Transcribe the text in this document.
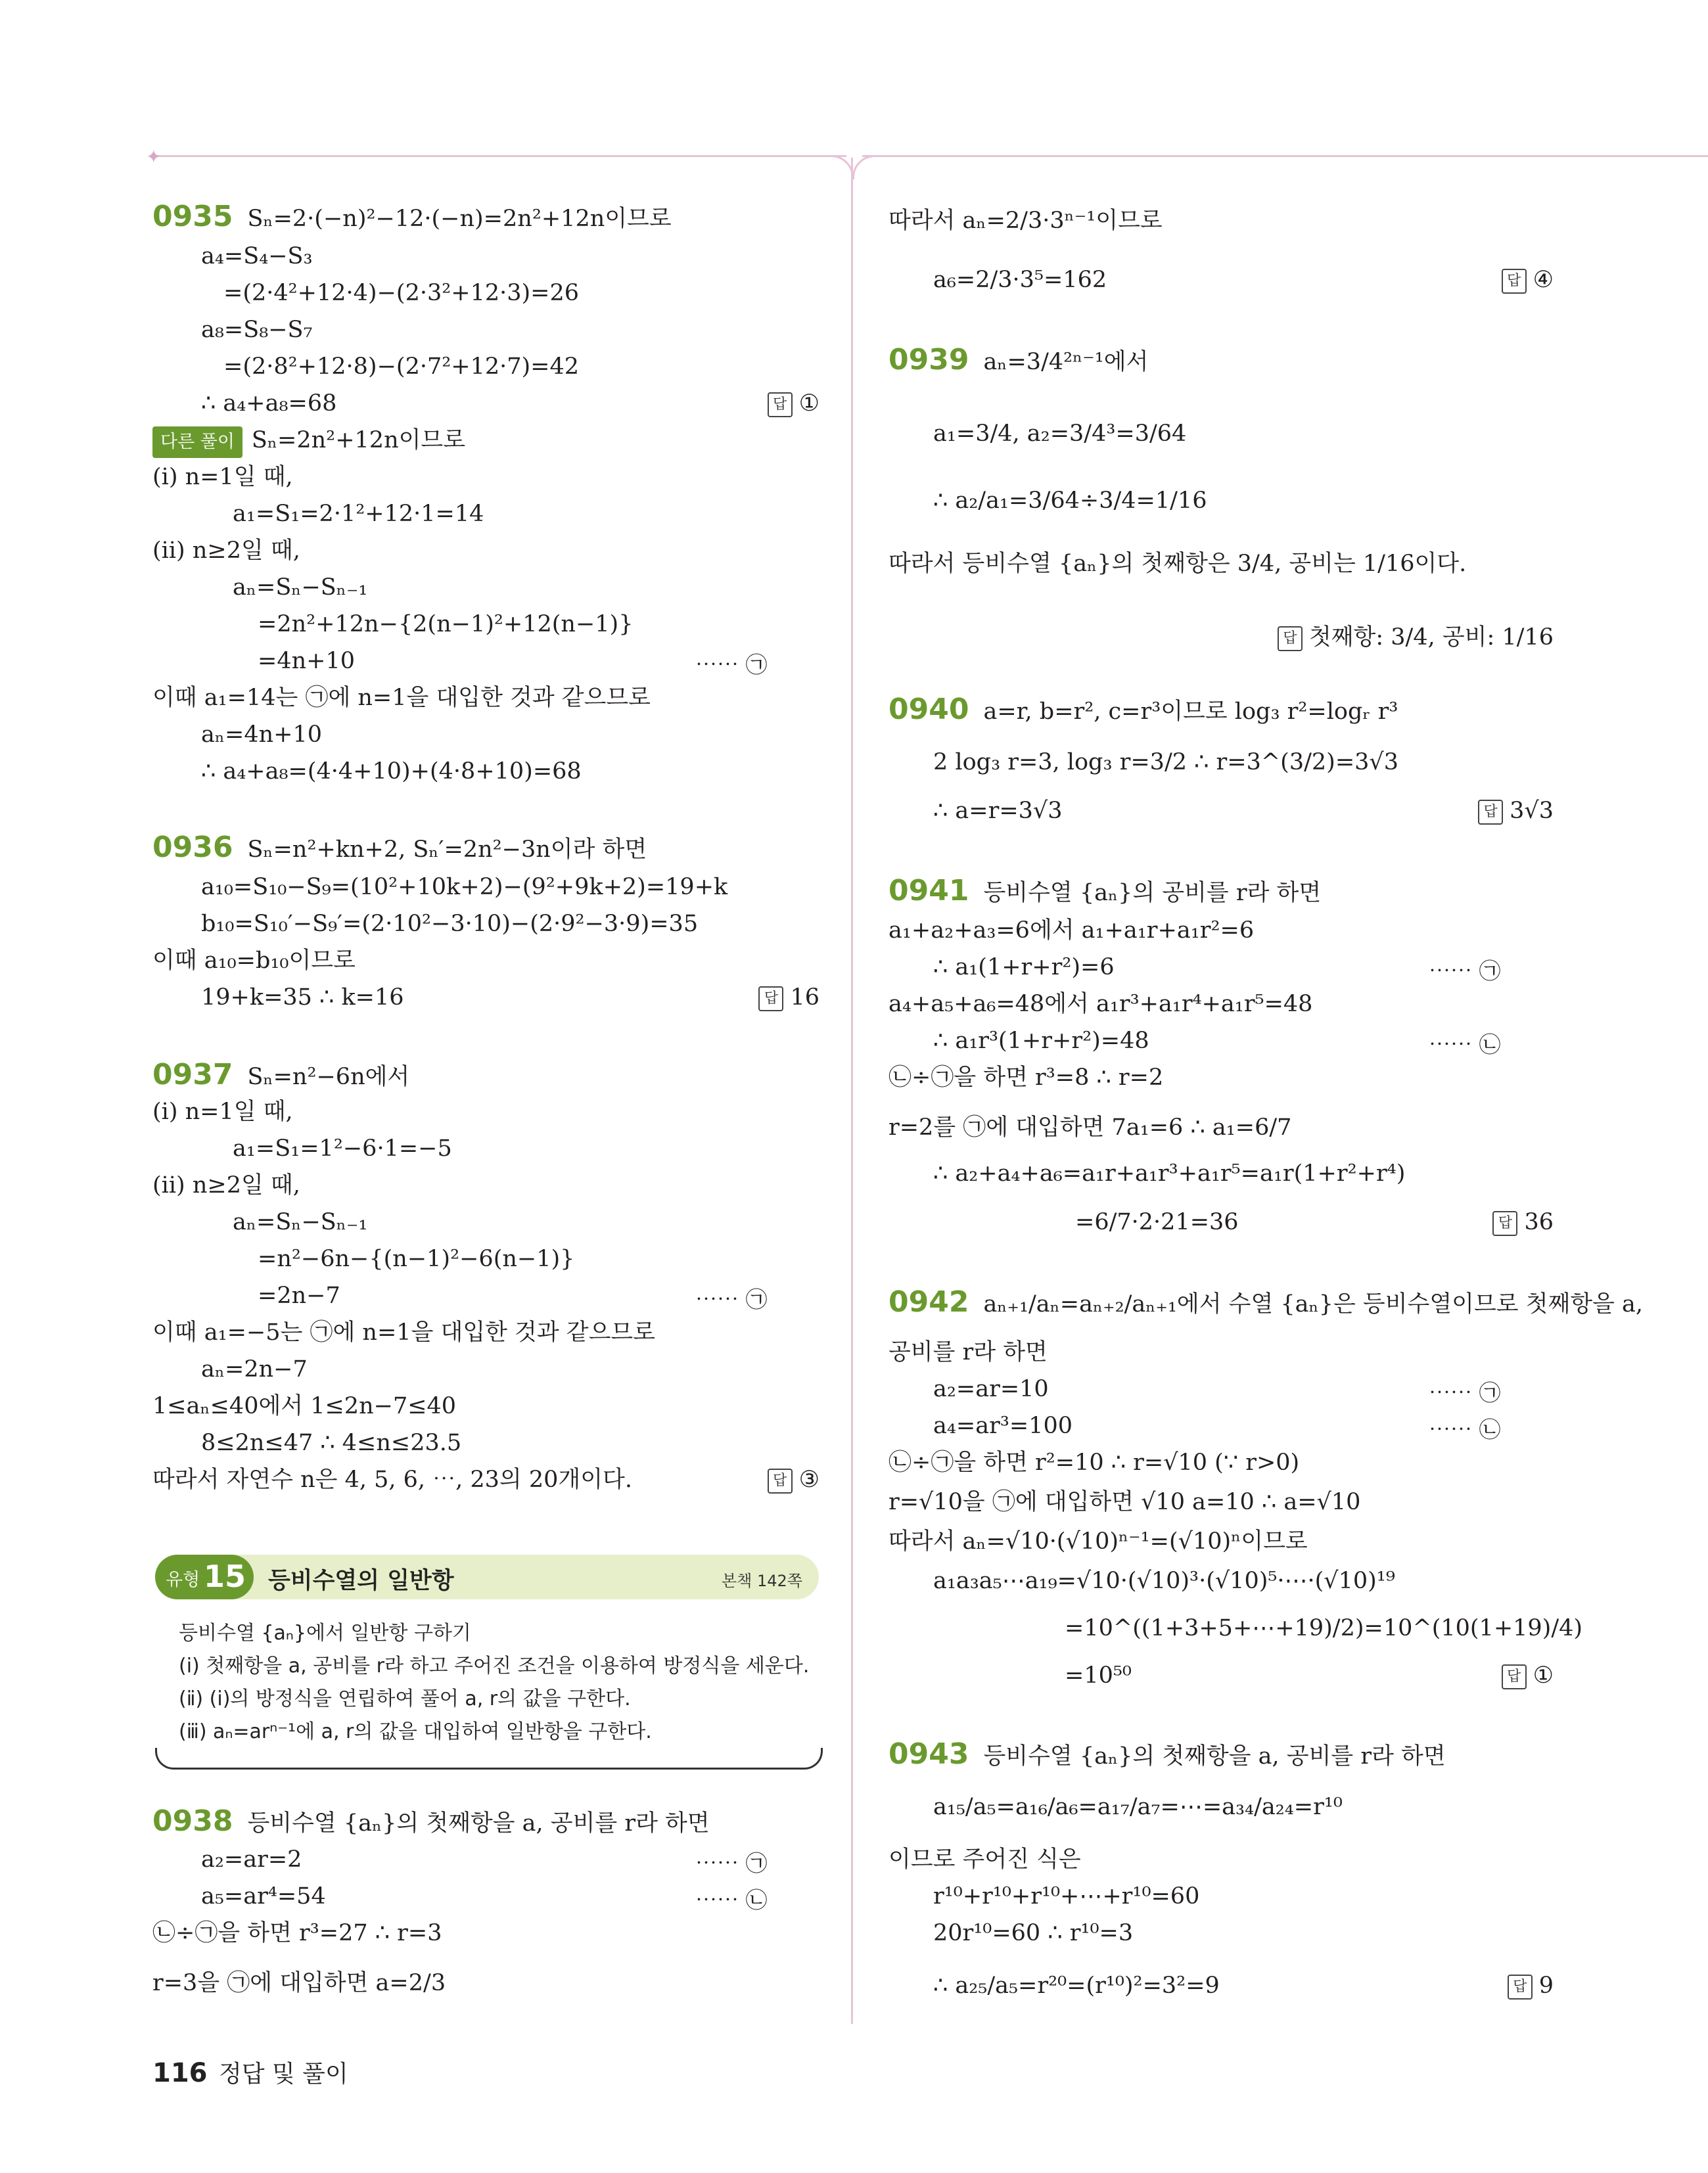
✦
유형 15 등비수열의 일반항	본책 142쪽
등비수열 {aₙ}에서 일반항 구하기
(ⅰ) 첫째항을 a, 공비를 r라 하고 주어진 조건을 이용하여 방정식을 세운다.
(ⅱ) (ⅰ)의 방정식을 연립하여 풀어 a, r의 값을 구한다.
(ⅲ) aₙ=arⁿ⁻¹에 a, r의 값을 대입하여 일반항을 구한다.
116 정답 및 풀이
0935 Sₙ=2·(−n)²−12·(−n)=2n²+12n이므로
a₄=S₄−S₃
=(2·4²+12·4)−(2·3²+12·3)=26
a₈=S₈−S₇
=(2·8²+12·8)−(2·7²+12·7)=42
∴ a₄+a₈=68
다른 풀이 Sₙ=2n²+12n이므로
(ⅰ) n=1일 때,
a₁=S₁=2·1²+12·1=14
(ⅱ) n≥2일 때,
aₙ=Sₙ−Sₙ₋₁
=2n²+12n−{2(n−1)²+12(n−1)}
=4n+10
이때 a₁=14는 ㉠에 n=1을 대입한 것과 같으므로
aₙ=4n+10
∴ a₄+a₈=(4·4+10)+(4·8+10)=68
0936 Sₙ=n²+kn+2, Sₙ′=2n²−3n이라 하면
a₁₀=S₁₀−S₉=(10²+10k+2)−(9²+9k+2)=19+k
b₁₀=S₁₀′−S₉′=(2·10²−3·10)−(2·9²−3·9)=35
이때 a₁₀=b₁₀이므로
19+k=35 ∴ k=16
0937 Sₙ=n²−6n에서
(ⅰ) n=1일 때,
a₁=S₁=1²−6·1=−5
(ⅱ) n≥2일 때,
aₙ=Sₙ−Sₙ₋₁
=n²−6n−{(n−1)²−6(n−1)}
=2n−7
이때 a₁=−5는 ㉠에 n=1을 대입한 것과 같으므로
aₙ=2n−7
1≤aₙ≤40에서 1≤2n−7≤40
8≤2n≤47 ∴ 4≤n≤23.5
따라서 자연수 n은 4, 5, 6, ⋯, 23의 20개이다.
0938 등비수열 {aₙ}의 첫째항을 a, 공비를 r라 하면
a₂=ar=2
a₅=ar⁴=54
㉡÷㉠을 하면 r³=27 ∴ r=3
r=3을 ㉠에 대입하면 a=2/3
따라서 aₙ=2/3·3ⁿ⁻¹이므로
a₆=2/3·3⁵=162
0939 aₙ=3/4²ⁿ⁻¹에서
a₁=3/4, a₂=3/4³=3/64
∴ a₂/a₁=3/64÷3/4=1/16
따라서 등비수열 {aₙ}의 첫째항은 3/4, 공비는 1/16이다.
0940 a=r, b=r², c=r³이므로 log₃ r²=logᵣ r³
2 log₃ r=3, log₃ r=3/2 ∴ r=3^(3/2)=3√3
∴ a=r=3√3
0941 등비수열 {aₙ}의 공비를 r라 하면
a₁+a₂+a₃=6에서 a₁+a₁r+a₁r²=6
∴ a₁(1+r+r²)=6
a₄+a₅+a₆=48에서 a₁r³+a₁r⁴+a₁r⁵=48
∴ a₁r³(1+r+r²)=48
㉡÷㉠을 하면 r³=8 ∴ r=2
r=2를 ㉠에 대입하면 7a₁=6 ∴ a₁=6/7
∴ a₂+a₄+a₆=a₁r+a₁r³+a₁r⁵=a₁r(1+r²+r⁴)
=6/7·2·21=36
0942 aₙ₊₁/aₙ=aₙ₊₂/aₙ₊₁에서 수열 {aₙ}은 등비수열이므로 첫째항을 a,
공비를 r라 하면
a₂=ar=10
a₄=ar³=100
㉡÷㉠을 하면 r²=10 ∴ r=√10 (∵ r>0)
r=√10을 ㉠에 대입하면 √10 a=10 ∴ a=√10
따라서 aₙ=√10·(√10)ⁿ⁻¹=(√10)ⁿ이므로
a₁a₃a₅⋯a₁₉=√10·(√10)³·(√10)⁵·⋯·(√10)¹⁹
=10^((1+3+5+⋯+19)/2)=10^(10(1+19)/4)
=10⁵⁰
0943 등비수열 {aₙ}의 첫째항을 a, 공비를 r라 하면
a₁₅/a₅=a₁₆/a₆=a₁₇/a₇=⋯=a₃₄/a₂₄=r¹⁰
이므로 주어진 식은
r¹⁰+r¹⁰+r¹⁰+⋯+r¹⁰=60
20r¹⁰=60 ∴ r¹⁰=3
∴ a₂₅/a₅=r²⁰=(r¹⁰)²=3²=9
⋯⋯ ㉠
⋯⋯ ㉠
⋯⋯ ㉠
⋯⋯ ㉡
⋯⋯ ㉠
⋯⋯ ㉡
⋯⋯ ㉠
⋯⋯ ㉡
답 ①
답 16
답 ③
답 ④
답 첫째항: 3/4, 공비: 1/16
답 3√3
답 36
답 ①
답 9
